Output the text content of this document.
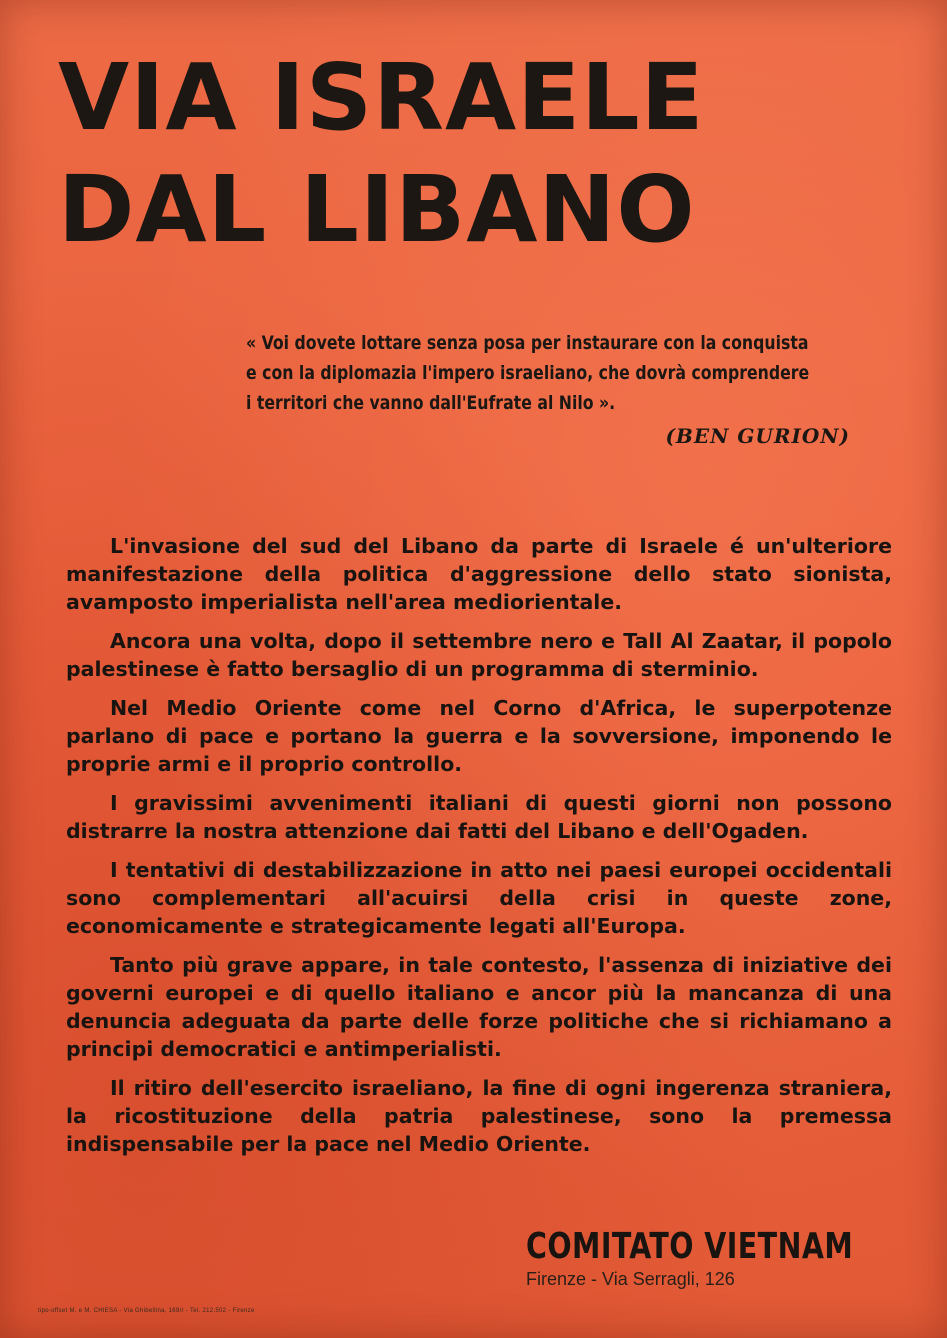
VIA ISRAELE
DAL LIBANO
« Voi dovete lottare senza posa per instaurare con la conquista
e con la diplomazia l'impero israeliano, che dovrà comprendere
i territori che vanno dall'Eufrate al Nilo ».
(BEN GURION)

L'invasione del sud del Libano da parte di Israele é un'ulteriore manifestazione della politica d'aggressione dello stato sionista, avamposto imperialista nell'area mediorientale.

Ancora una volta, dopo il settembre nero e Tall Al Zaatar, il popolo palestinese è fatto bersaglio di un programma di sterminio.

Nel Medio Oriente come nel Corno d'Africa, le superpotenze parlano di pace e portano la guerra e la sovversione, imponendo le proprie armi e il proprio controllo.

I gravissimi avvenimenti italiani di questi giorni non possono distrarre la nostra attenzione dai fatti del Libano e dell'Ogaden.

I tentativi di destabilizzazione in atto nei paesi europei occidentali sono complementari all'acuirsi della crisi in queste zone, economicamente e strategicamente legati all'Europa.

Tanto più grave appare, in tale contesto, l'assenza di iniziative dei governi europei e di quello italiano e ancor più la mancanza di una denuncia adeguata da parte delle forze politiche che si richiamano a principi democratici e antimperialisti.

Il ritiro dell'esercito israeliano, la fine di ogni ingerenza straniera, la ricostituzione della patria palestinese, sono la premessa indispensabile per la pace nel Medio Oriente.

COMITATO VIETNAM
Firenze - Via Serragli, 126
tipo-offset M. e M. CHIESA - Via Ghibellina, 169/r - Tel. 212.502 - Firenze
